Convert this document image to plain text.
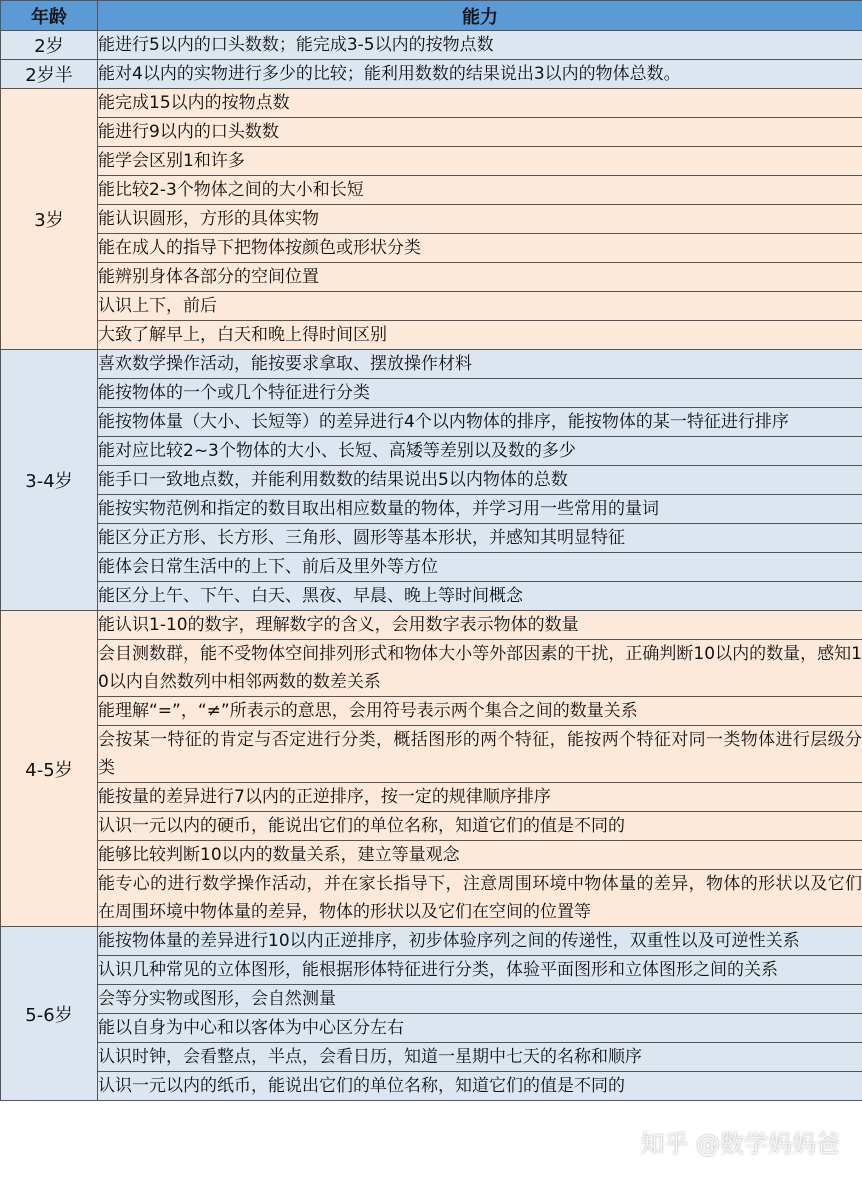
年龄	能力
2岁	能进行5以内的口头数数；能完成3-5以内的按物点数
2岁半	能对4以内的实物进行多少的比较；能利用数数的结果说出3以内的物体总数。
3岁	能完成15以内的按物点数
	能进行9以内的口头数数
	能学会区别1和许多
	能比较2-3个物体之间的大小和长短
	能认识圆形，方形的具体实物
	能在成人的指导下把物体按颜色或形状分类
	能辨别身体各部分的空间位置
	认识上下，前后
	大致了解早上，白天和晚上得时间区别
3-4岁	喜欢数学操作活动，能按要求拿取、摆放操作材料
	能按物体的一个或几个特征进行分类
	能按物体量（大小、长短等）的差异进行4个以内物体的排序，能按物体的某一特征进行排序
	能对应比较2~3个物体的大小、长短、高矮等差别以及数的多少
	能手口一致地点数，并能利用数数的结果说出5以内物体的总数
	能按实物范例和指定的数目取出相应数量的物体，并学习用一些常用的量词
	能区分正方形、长方形、三角形、圆形等基本形状，并感知其明显特征
	能体会日常生活中的上下、前后及里外等方位
	能区分上午、下午、白天、黑夜、早晨、晚上等时间概念
4-5岁	能认识1-10的数字，理解数字的含义，会用数字表示物体的数量
	会目测数群，能不受物体空间排列形式和物体大小等外部因素的干扰，正确判断10以内的数量，感知10以内自然数列中相邻两数的数差关系
	能理解“=”，“≠”所表示的意思，会用符号表示两个集合之间的数量关系
	会按某一特征的肯定与否定进行分类，概括图形的两个特征，能按两个特征对同一类物体进行层级分类
	能按量的差异进行7以内的正逆排序，按一定的规律顺序排序
	认识一元以内的硬币，能说出它们的单位名称，知道它们的值是不同的
	能够比较判断10以内的数量关系，建立等量观念
	能专心的进行数学操作活动，并在家长指导下，注意周围环境中物体量的差异，物体的形状以及它们在周围环境中物体量的差异，物体的形状以及它们在空间的位置等
5-6岁	能按物体量的差异进行10以内正逆排序，初步体验序列之间的传递性，双重性以及可逆性关系
	认识几种常见的立体图形，能根据形体特征进行分类，体验平面图形和立体图形之间的关系
	会等分实物或图形，会自然测量
	能以自身为中心和以客体为中心区分左右
	认识时钟，会看整点，半点，会看日历，知道一星期中七天的名称和顺序
	认识一元以内的纸币，能说出它们的单位名称，知道它们的值是不同的
知乎 @数学妈妈爸
